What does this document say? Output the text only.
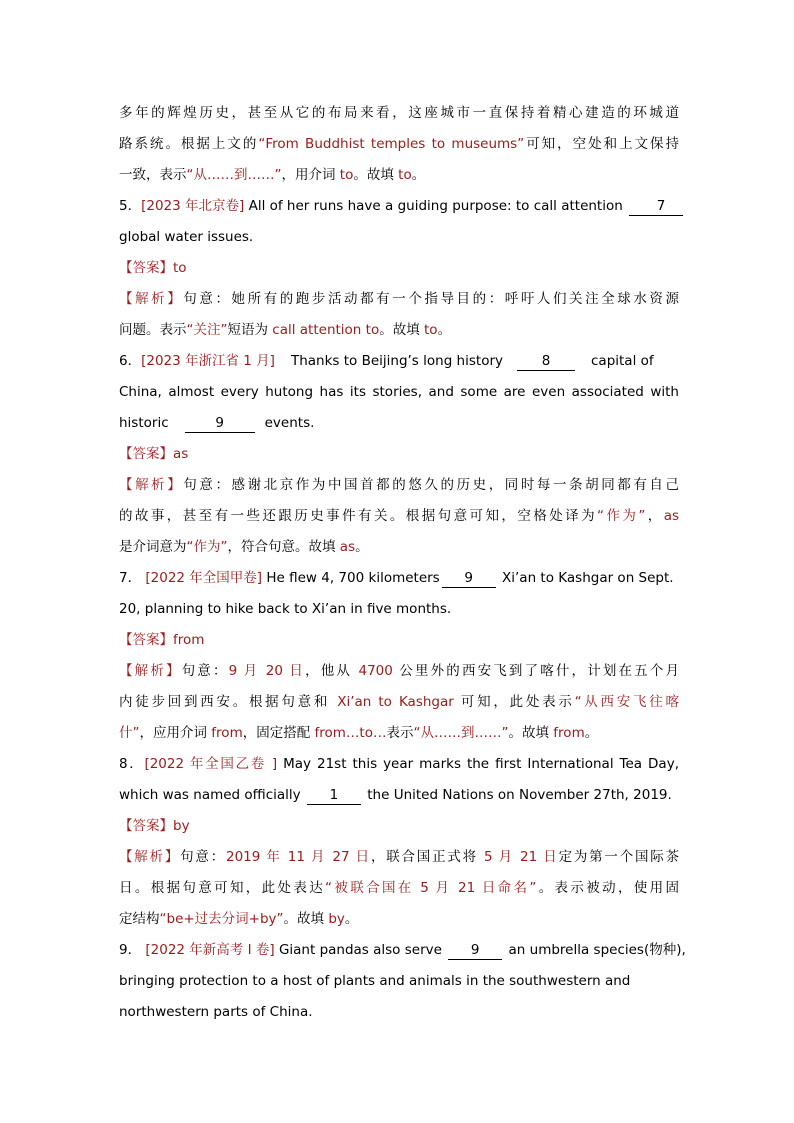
多年的辉煌历史，甚至从它的布局来看，这座城市一直保持着精心建造的环城道
路系统。根据上文的“From Buddhist temples to museums”可知，空处和上文保持
一致，表示“从……到……”，用介词 to。故填 to。
5．[2023 年北京卷] All of her runs have a guiding purpose: to call attention	7
global water issues.
【答案】to
【解析】句意：她所有的跑步活动都有一个指导目的：呼吁人们关注全球水资源
问题。表示“关注”短语为 call attention to。故填 to。
6．[2023 年浙江省 1 月] Thanks to Beijing’s long history	8	capital of
China, almost every hutong has its stories, and some are even associated with
historic	9	events.
【答案】as
【解析】句意：感谢北京作为中国首都的悠久的历史，同时每一条胡同都有自己
的故事，甚至有一些还跟历史事件有关。根据句意可知，空格处译为“作为”，as
是介词意为“作为”，符合句意。故填 as。
7． [2022 年全国甲卷] He flew 4, 700 kilometers 9 Xi’an to Kashgar on Sept.
20, planning to hike back to Xi’an in five months.
【答案】from
【解析】句意：9 月 20 日，他从 4700 公里外的西安飞到了喀什，计划在五个月
内徒步回到西安。根据句意和 Xi’an to Kashgar 可知，此处表示“从西安飞往喀
什”，应用介词 from，固定搭配 from…to…表示“从……到……”。故填 from。
8．[2022 年全国乙卷 ] May 21st this year marks the first International Tea Day,
which was named officially 1 the United Nations on November 27th, 2019.
【答案】by
【解析】句意：2019 年 11 月 27 日，联合国正式将 5 月 21 日定为第一个国际茶
日。根据句意可知，此处表达“被联合国在 5 月 21 日命名”。表示被动，使用固
定结构“be+过去分词+by”。故填 by。
9． [2022 年新高考 I 卷] Giant pandas also serve 9 an umbrella species(物种),
bringing protection to a host of plants and animals in the southwestern and
northwestern parts of China.
